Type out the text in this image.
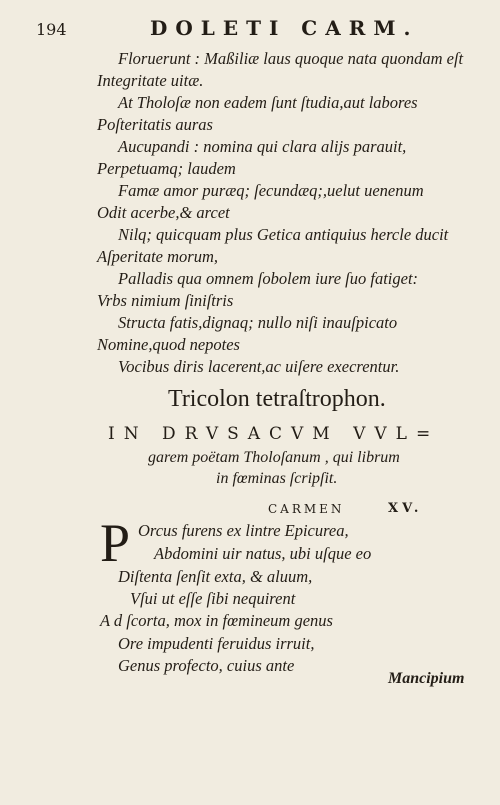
194	DOLETI CARM.
Floruerunt : Maßiliæ laus quoque nata quondam eſt
Integritate uitæ.
At Tholoſæ non eadem ſunt ſtudia,aut labores
Poſteritatis auras
Aucupandi : nomina qui clara alijs parauit,
Perpetuamq; laudem
Famæ amor puræq; ſecundæq;,uelut uenenum
Odit acerbe,& arcet
Nilq; quicquam plus Getica antiquius hercle ducit
Aſperitate morum,
Palladis qua omnem ſobolem iure ſuo fatiget:
Vrbs nimium ſiniſtris
Structa fatis,dignaq; nullo niſi inauſpicato
Nomine,quod nepotes
Vocibus diris lacerent,ac uiſere execrentur.
Tricolon tetraſtrophon.
IN DRVSACVM VVL=
garem poëtam Tholoſanum , qui librum
in fœminas ſcripſit.
CARMEN	XV.
P Orcus furens ex lintre Epicurea,
Abdomini uir natus, ubi uſque eo
Diſtenta ſenſit exta, & aluum,
Vſui ut eſſe ſibi nequirent
A d ſcorta, mox in fœmineum genus
Ore impudenti feruidus irruit,
Genus profecto, cuius ante
Mancipium
